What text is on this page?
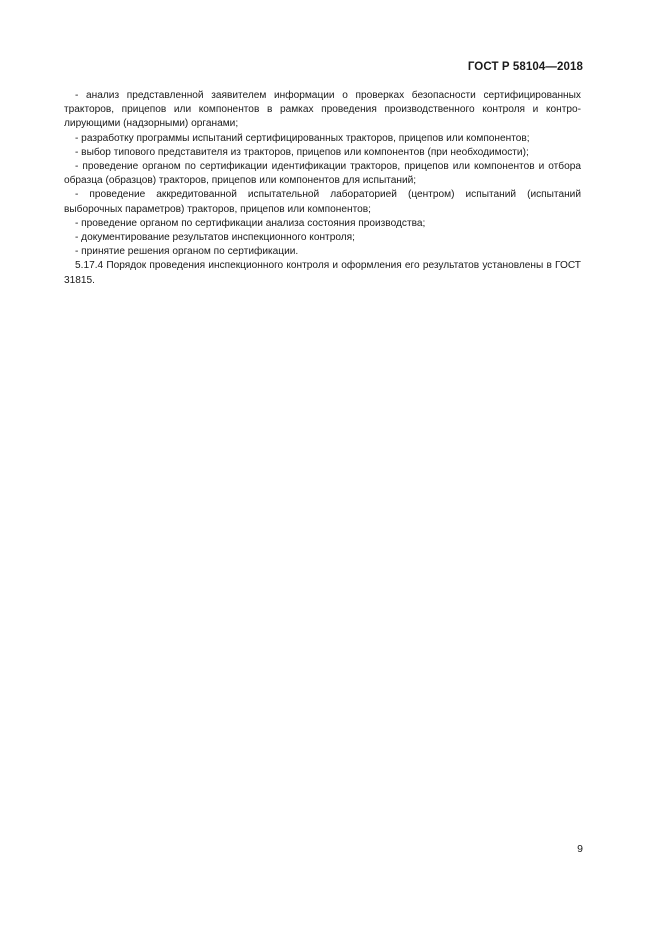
ГОСТ Р 58104—2018

- анализ представленной заявителем информации о проверках безопасности сертифицированных тракторов, прицепов или компонентов в рамках проведения производственного контроля и контролирующими (надзорными) органами;

- разработку программы испытаний сертифицированных тракторов, прицепов или компонентов;

- выбор типового представителя из тракторов, прицепов или компонентов (при необходимости);

- проведение органом по сертификации идентификации тракторов, прицепов или компонентов и отбора образца (образцов) тракторов, прицепов или компонентов для испытаний;

- проведение аккредитованной испытательной лабораторией (центром) испытаний (испытаний выборочных параметров) тракторов, прицепов или компонентов;

- проведение органом по сертификации анализа состояния производства;

- документирование результатов инспекционного контроля;

- принятие решения органом по сертификации.

5.17.4 Порядок проведения инспекционного контроля и оформления его результатов установлены в ГОСТ 31815.

9
